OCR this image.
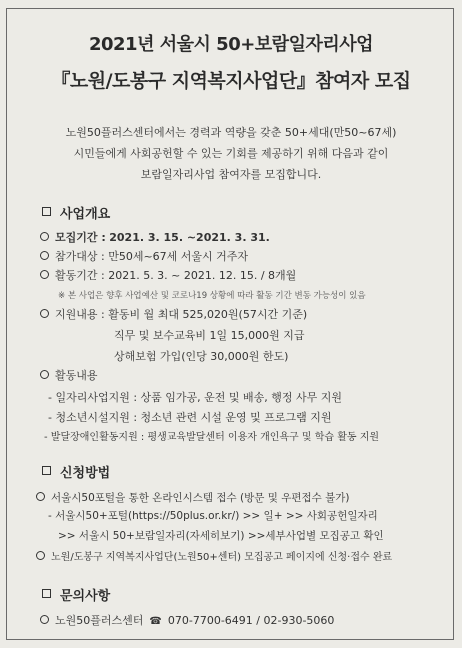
2021년 서울시 50+보람일자리사업
『노원/도봉구 지역복지사업단』참여자 모집
노원50플러스센터에서는 경력과 역량을 갖춘 50+세대(만50~67세)
시민들에게 사회공헌할 수 있는 기회를 제공하기 위해 다음과 같이
보람일자리사업 참여자를 모집합니다.
사업개요
모집기간 : 2021. 3. 15. ~2021. 3. 31.
참가대상 : 만50세~67세 서울시 거주자
활동기간 : 2021. 5. 3. ~ 2021. 12. 15. / 8개월
※ 본 사업은 향후 사업예산 및 코로나19 상황에 따라 활동 기간 변동 가능성이 있음
지원내용 : 활동비 월 최대 525,020원(57시간 기준)
직무 및 보수교육비 1일 15,000원 지급
상해보험 가입(인당 30,000원 한도)
활동내용
- 일자리사업지원 : 상품 임가공, 운전 및 배송, 행정 사무 지원
- 청소년시설지원 : 청소년 관련 시설 운영 및 프로그램 지원
- 발달장애인활동지원 : 평생교육발달센터 이용자 개인욕구 및 학습 활동 지원
신청방법
서울시50포털을 통한 온라인시스템 접수 (방문 및 우편접수 불가)
- 서울시50+포털(https://50plus.or.kr/) >> 일+ >> 사회공헌일자리
>> 서울시 50+보람일자리(자세히보기) >>세부사업별 모집공고 확인
노원/도봉구 지역복지사업단(노원50+센터) 모집공고 페이지에 신청·접수 완료
문의사항
노원50플러스센터 ☎ 070-7700-6491 / 02-930-5060
